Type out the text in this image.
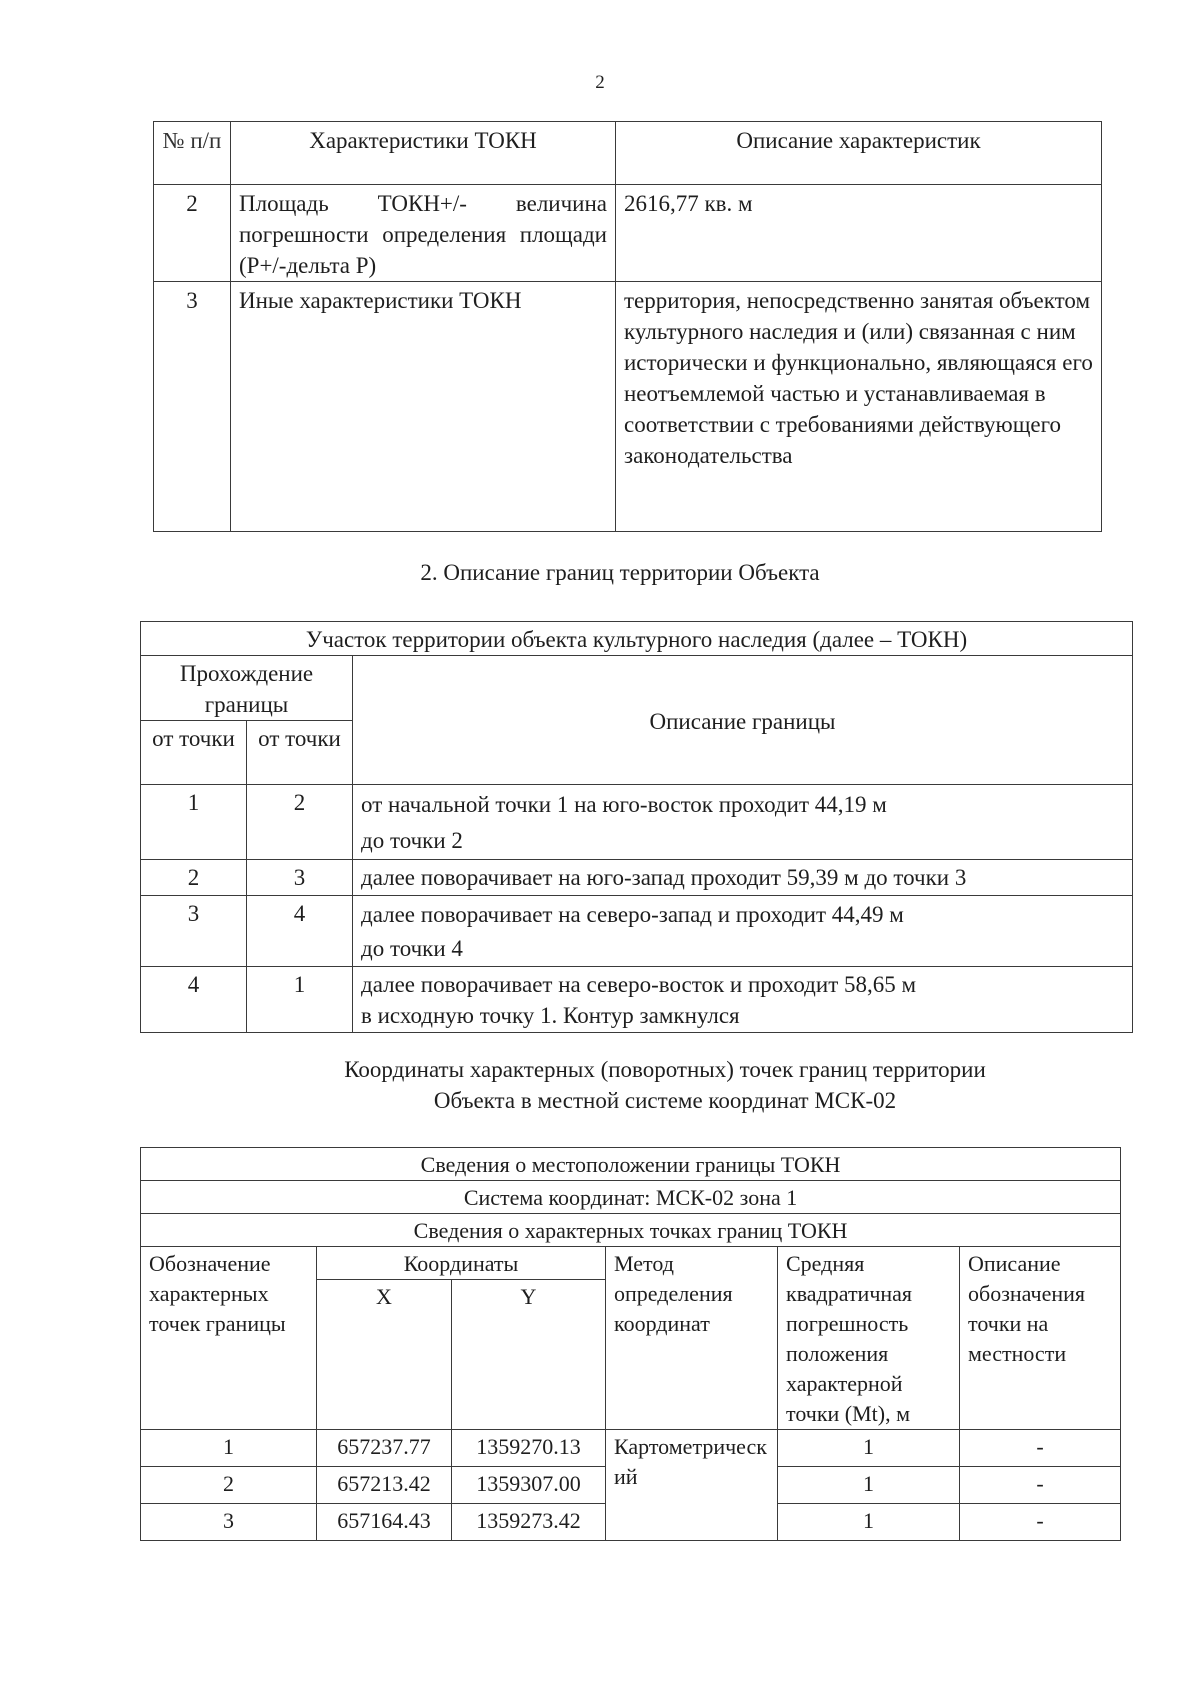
2
№ п/п	Характеристики ТОКН	Описание характеристик
2	Площадь ТОКН+/- величина погрешности определения площади (Р+/-дельта Р)	2616,77 кв. м
3	Иные характеристики ТОКН	территория, непосредственно занятая объектом культурного наследия и (или) связанная с ним исторически и функционально, являющаяся его неотъемлемой частью и устанавливаемая в соответствии с требованиями действующего законодательства
2. Описание границ территории Объекта
Участок территории объекта культурного наследия (далее – ТОКН)		
Прохождение границы		Описание границы
от точки	от точки	
1	2	от начальной точки 1 на юго-восток проходит 44,19 м
до точки 2

2	3	далее поворачивает на юго-запад проходит 59,39 м до точки 3

3	4	далее поворачивает на северо-запад и проходит 44,49 м
до точки 4

4	1	далее поворачивает на северо-восток и проходит 58,65 м
в исходную точку 1. Контур замкнулся
Координаты характерных (поворотных) точек границ территории
Объекта в местной системе координат МСК-02
Сведения о местоположении границы ТОКН					
Система координат: МСК-02 зона 1					
Сведения о характерных точках границ ТОКН					
Обозначение характерных точек границы	Координаты		Метод определения координат	Средняя квадратичная погрешность положения характерной точки (Mt), м	Описание обозначения точки на местности
	X	Y			
1	657237.77	1359270.13	Картометрический	1	-
2	657213.42	1359307.00		1	-
3	657164.43	1359273.42		1	-
